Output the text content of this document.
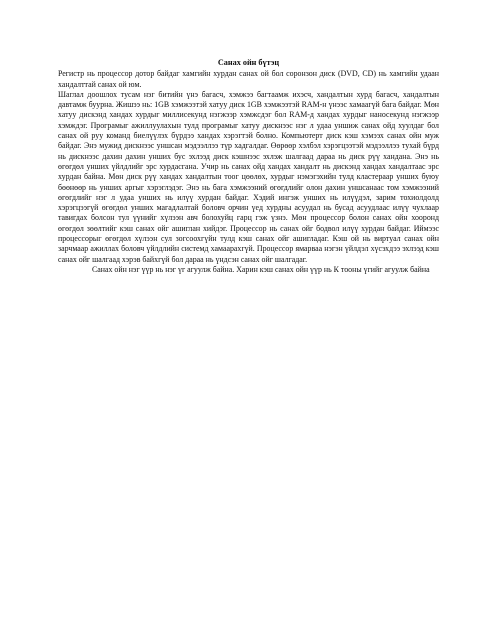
Санах ойн бүтэц

Регистр нь процессор дотор байдаг хамгийн хурдан санах ой бол соронзон диск (DVD, CD) нь хамгийн удаан хандалттай санах ой юм.

Шаглал доошлох тусам нэг битийн үнэ багасч, хэмжээ багтаамж ихэсч, хандалтын хурд багасч, хандалтын давтамж буурна. Жишээ нь: 1GB хэмжээтэй хатуу диск 1GB хэмжээтэй RAM-н үнээс хамаагүй бага байдаг. Мөн хатуу дискэнд хандах хурдыг миллисекунд нэгжээр хэмжсдэг бол RAM-д хандах хурдыг наносекунд нэгжээр хэмждэг. Програмыг ажиллуулахын тулд програмыг хатуу дискнээс нэг л удаа уншиж санах ойд хуулдаг бол санах ой руу команд биелүүлэх бүрдээ хандах хэрэгтэй болно. Компьютерт диск кэш хэмээх санах ойн муж байдаг. Энэ мужид дискнээс уншсан мэдээллээ түр хадгалдаг. Өөрөөр хэлбэл хэрэгцээтэй мэдээллээ тухай бүрд нь дискнээс дахин дахин унших бус эхлээд диск кэшнээс эхлэж шалгаад дараа нь диск рүү хандана. Энэ нь өгөгдөл унших үйлдлийг эрс хурдасгана. Учир нь санах ойд хандах хандалт нь дискэнд хандах хандалтаас эрс хурдан байна. Мөн диск рүү хандах хандалтын тоог цөөлөх, хурдыг нэмэгэхийн тулд кластераар унших буюу бөөнөөр нь унших аргыг хэрэглэдэг. Энэ нь бага хэмжээний өгөгдлийг олон дахин уншсанаас том хэмжээний өгөгдлийг нэг л удаа унших нь илүү хурдан байдаг. Хэдий ингэж унших нь илүүдэл, зарим тохиолдолд хэрэгцээгүй өгөгдөл унших магадлалтай боловч орчин үед хурдны асуудал нь бусад асуудлаас илүү чухлаар тавигдах болсон тул үүнийг хүлээн авч болохуйц гарц гэж үзнэ. Мөн процессор болон санах ойн хооронд өгөгдөл зөөлтийг кэш санах ойг ашиглан хийдэг. Процессор нь санах ойг бодвол илүү хурдан байдаг. Иймээс процессорыг өгөгдөл хүлээн сул зогсоохгүйн тулд кэш санах ойг ашигладаг. Кэш ой нь виртуал санах ойн зарчмаар ажиллах боловч үйлдлийн системд хамаарахгүй. Процессор ямарваа нэгэн үйлдэл хүсэхдээ эхлээд кэш санах ойг шалгаад хэрэв байхгүй бол дараа нь үндсэн санах ойг шалгадаг.

Санах ойн нэг үүр нь нэг үг агуулж байна. Харин кэш санах ойн үүр нь К тооны үгийг агуулж байна
